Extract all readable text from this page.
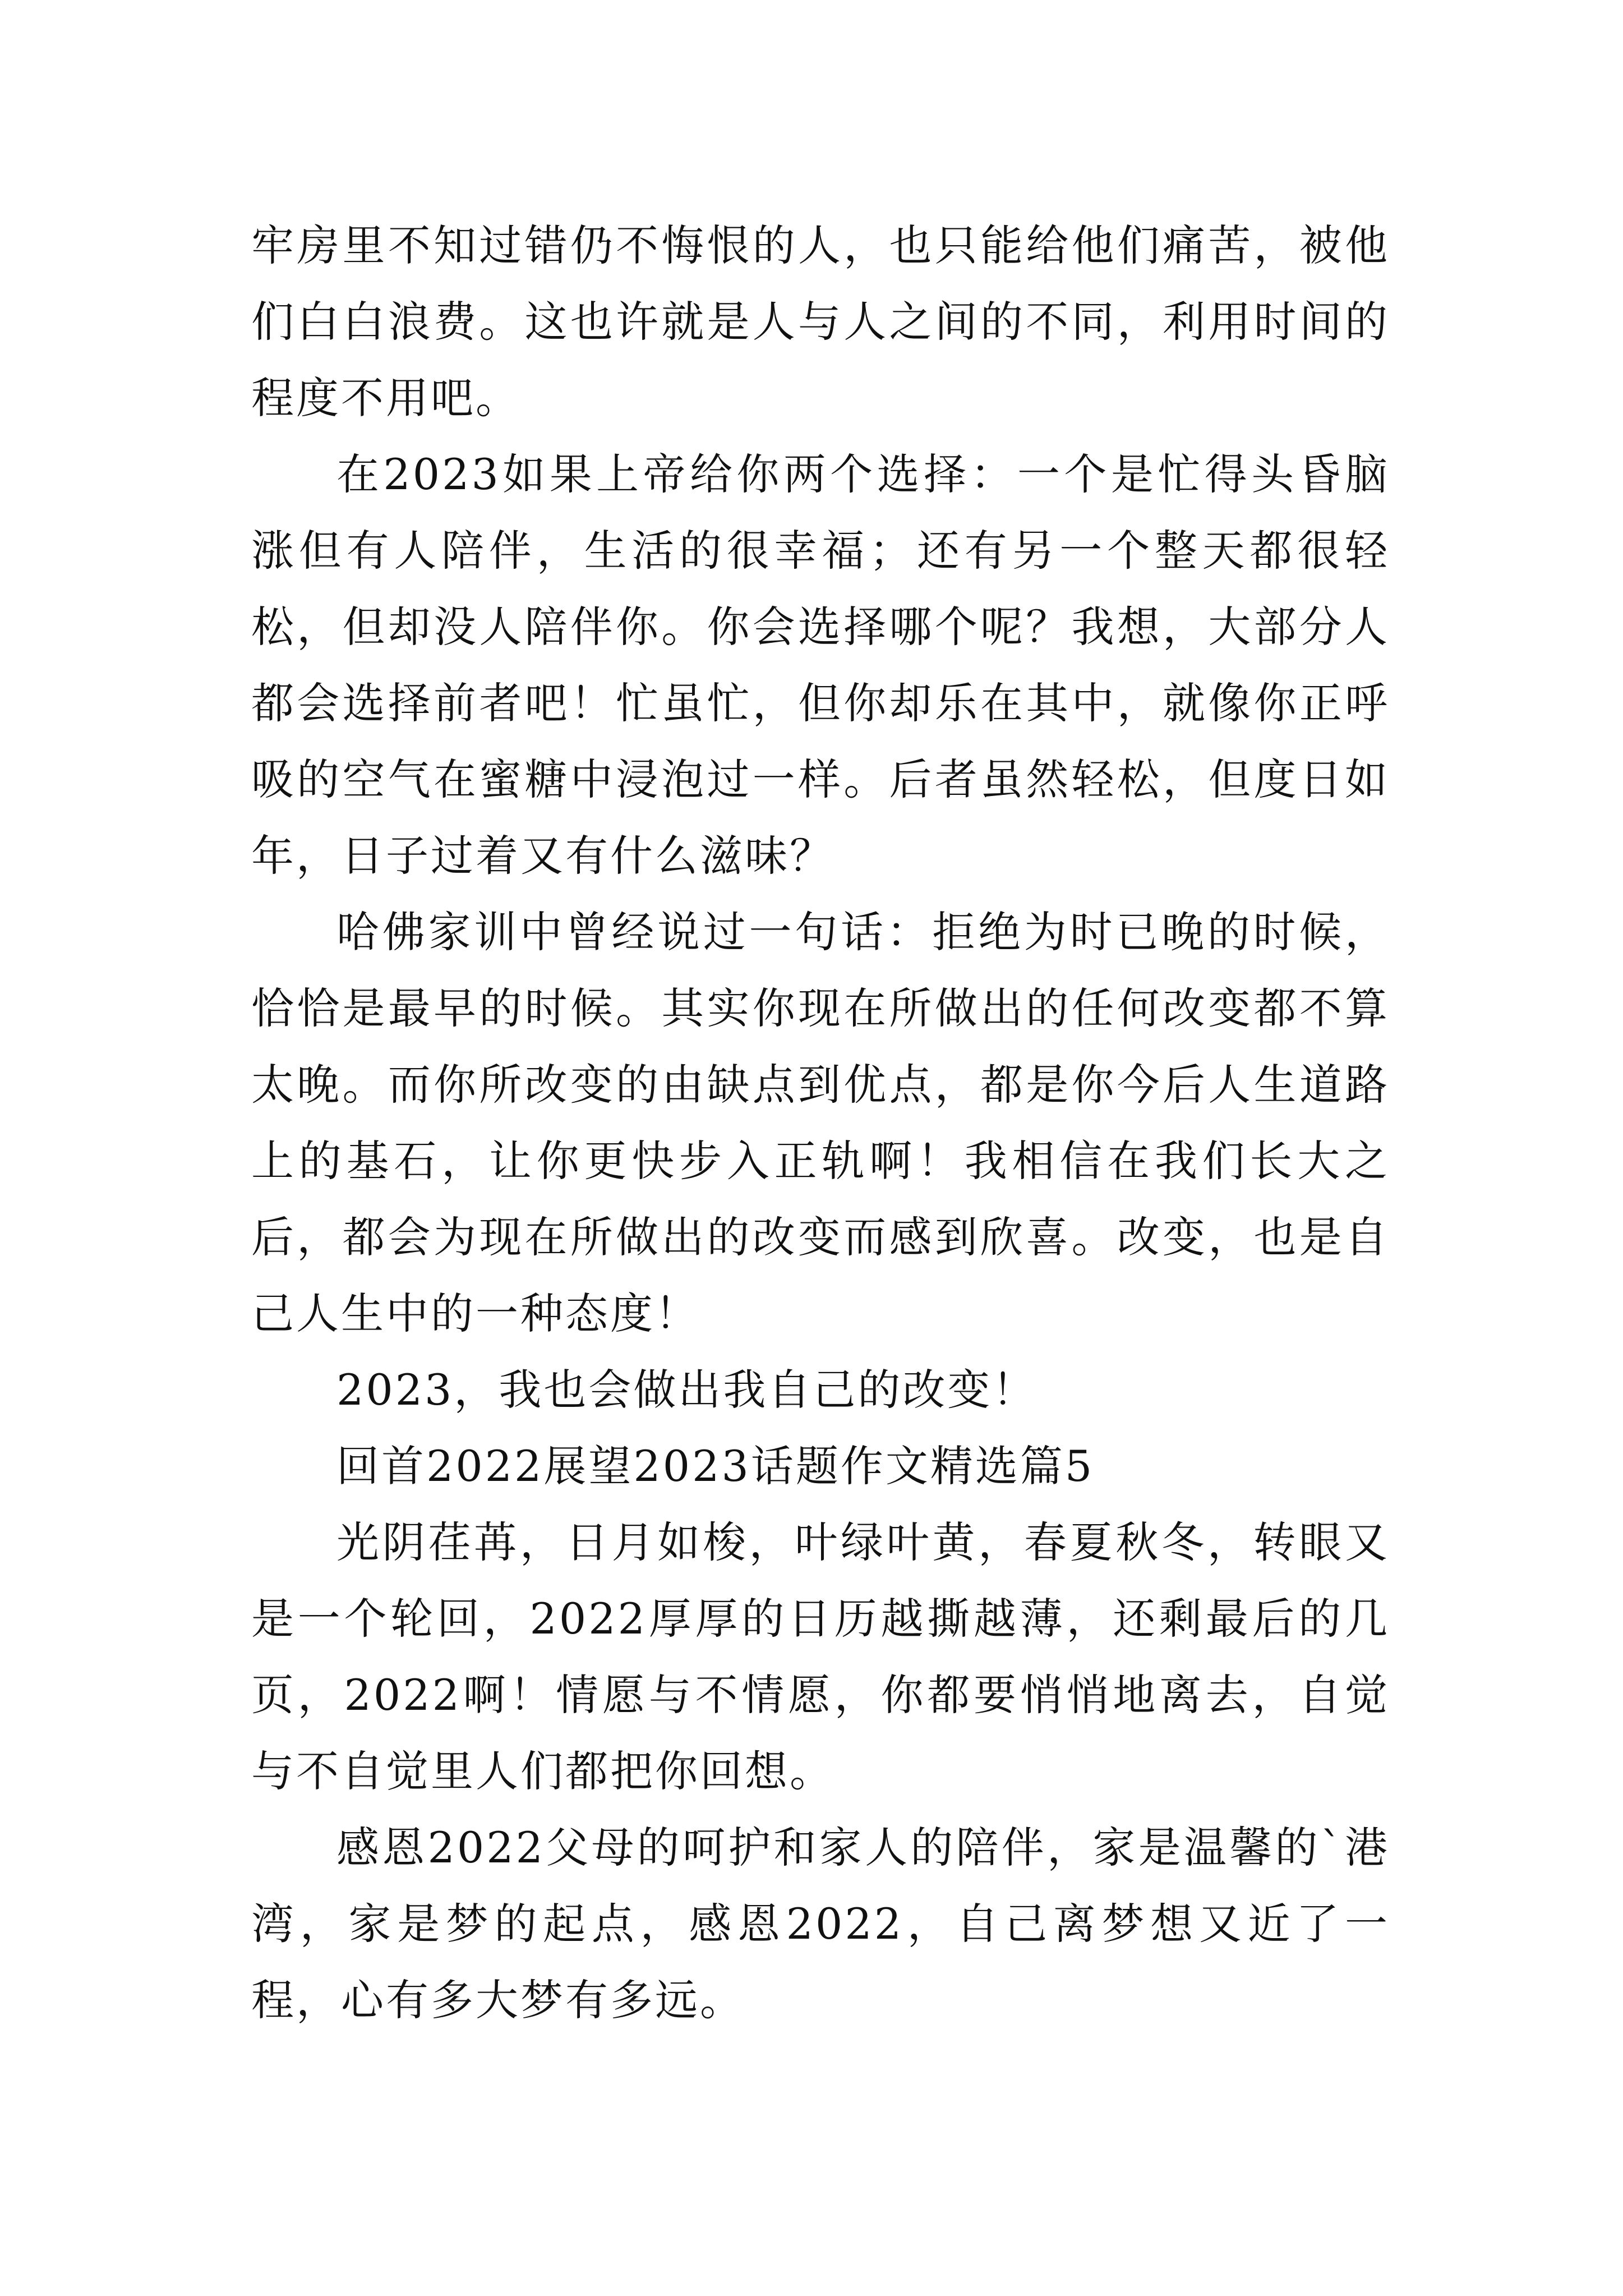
牢房里不知过错仍不悔恨的人，也只能给他们痛苦，被他们白白浪费。这也许就是人与人之间的不同，利用时间的程度不用吧。

在2023如果上帝给你两个选择：一个是忙得头昏脑涨但有人陪伴，生活的很幸福；还有另一个整天都很轻松，但却没人陪伴你。你会选择哪个呢？我想，大部分人都会选择前者吧！忙虽忙，但你却乐在其中，就像你正呼吸的空气在蜜糖中浸泡过一样。后者虽然轻松，但度日如年，日子过着又有什么滋味？

哈佛家训中曾经说过一句话：拒绝为时已晚的时候，恰恰是最早的时候。其实你现在所做出的任何改变都不算太晚。而你所改变的由缺点到优点，都是你今后人生道路上的基石，让你更快步入正轨啊！我相信在我们长大之后，都会为现在所做出的改变而感到欣喜。改变，也是自己人生中的一种态度！

2023，我也会做出我自己的改变！

回首2022展望2023话题作文精选篇5

光阴荏苒，日月如梭，叶绿叶黄，春夏秋冬，转眼又是一个轮回，2022厚厚的日历越撕越薄，还剩最后的几页，2022啊！情愿与不情愿，你都要悄悄地离去，自觉与不自觉里人们都把你回想。

感恩2022父母的呵护和家人的陪伴，家是温馨的`港湾，家是梦的起点，感恩2022，自己离梦想又近了一程，心有多大梦有多远。
